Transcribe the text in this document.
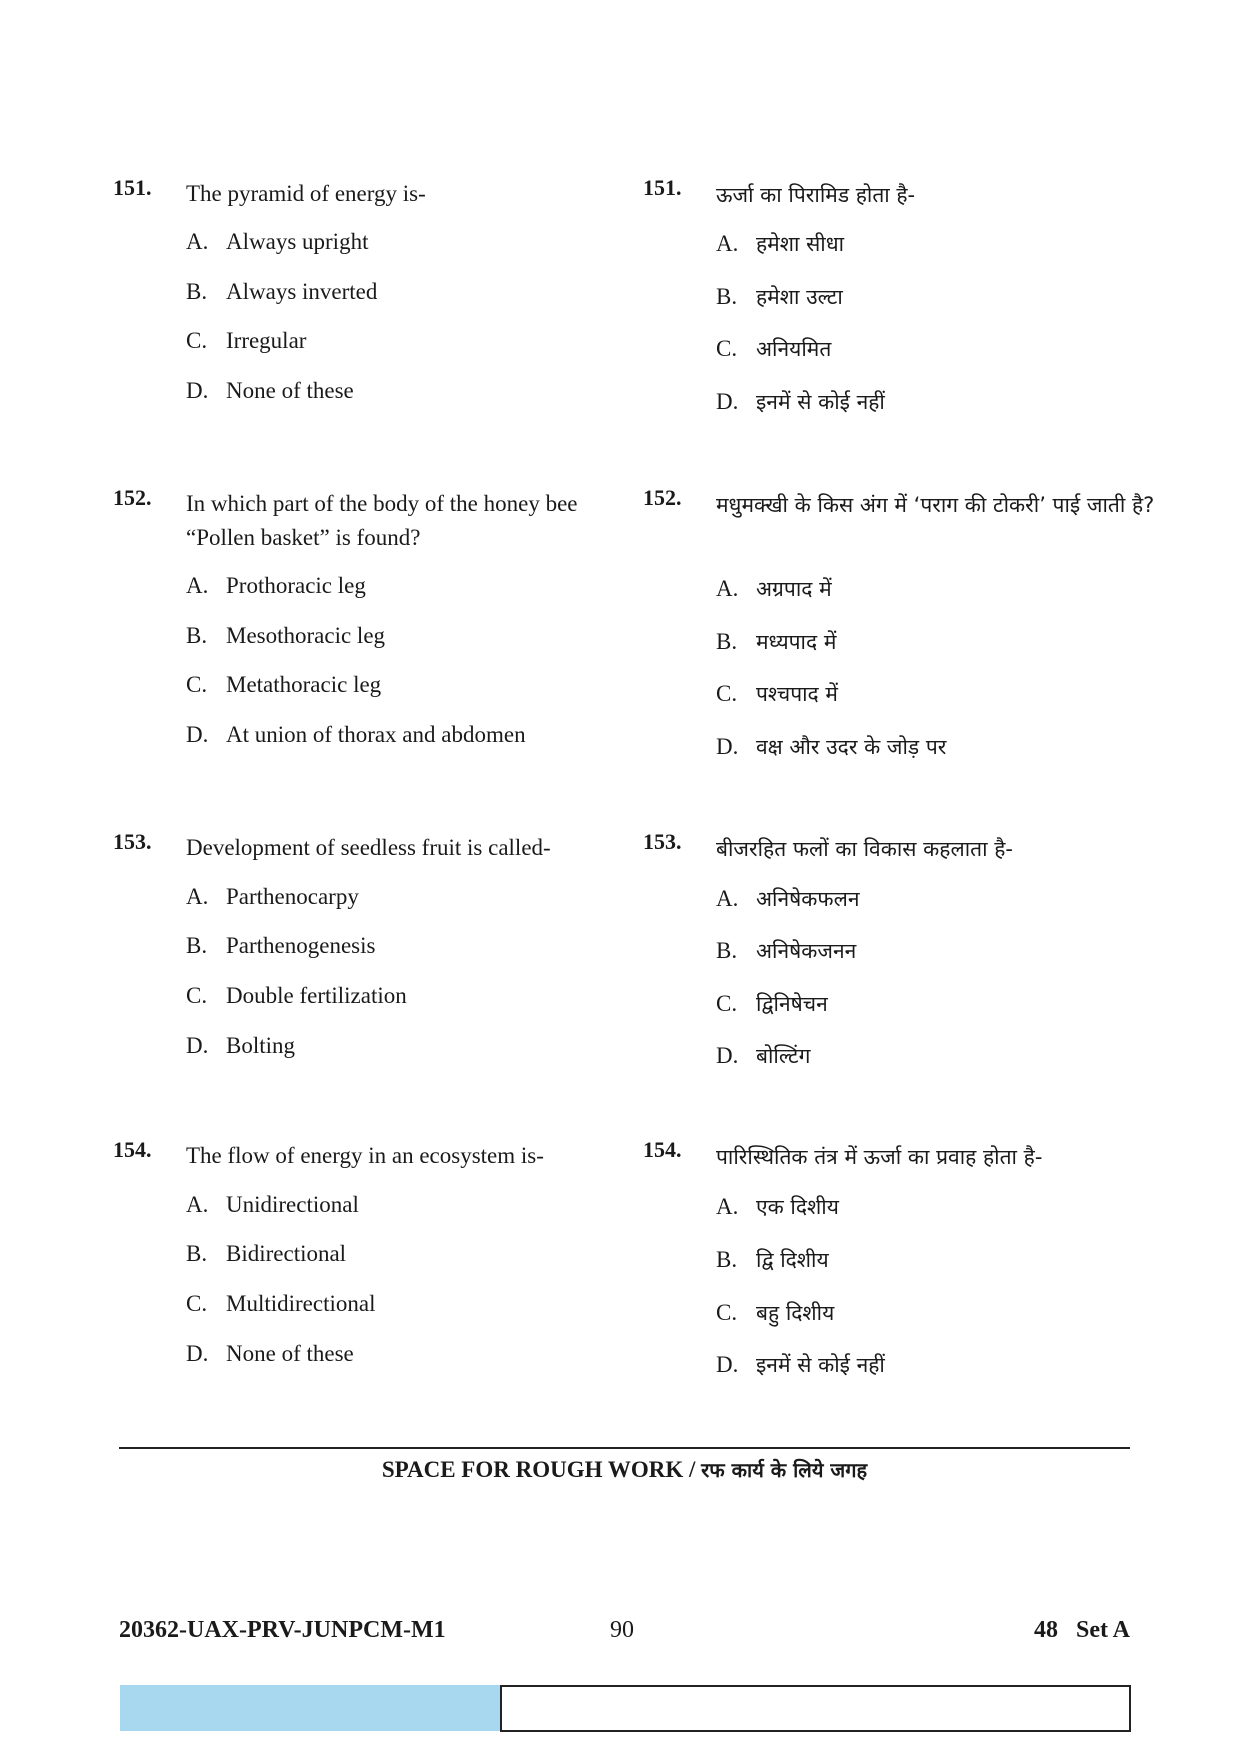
151. The pyramid of energy is-
A. Always upright
B. Always inverted
C. Irregular
D. None of these
151. ऊर्जा का पिरामिड होता है-
A. हमेशा सीधा
B. हमेशा उल्टा
C. अनियमित
D. इनमें से कोई नहीं
152. In which part of the body of the honey bee “Pollen basket” is found?
A. Prothoracic leg
B. Mesothoracic leg
C. Metathoracic leg
D. At union of thorax and abdomen
152. मधुमक्खी के किस अंग में ‘पराग की टोकरी’ पाई जाती है?
A. अग्रपाद में
B. मध्यपाद में
C. पश्चपाद में
D. वक्ष और उदर के जोड़ पर
153. Development of seedless fruit is called-
A. Parthenocarpy
B. Parthenogenesis
C. Double fertilization
D. Bolting
153. बीजरहित फलों का विकास कहलाता है-
A. अनिषेकफलन
B. अनिषेकजनन
C. द्विनिषेचन
D. बोल्टिंग
154. The flow of energy in an ecosystem is-
A. Unidirectional
B. Bidirectional
C. Multidirectional
D. None of these
154. पारिस्थितिक तंत्र में ऊर्जा का प्रवाह होता है-
A. एक दिशीय
B. द्वि दिशीय
C. बहु दिशीय
D. इनमें से कोई नहीं
SPACE FOR ROUGH WORK / रफ कार्य के लिये जगह
20362-UAX-PRV-JUNPCM-M1	90	48   Set A
